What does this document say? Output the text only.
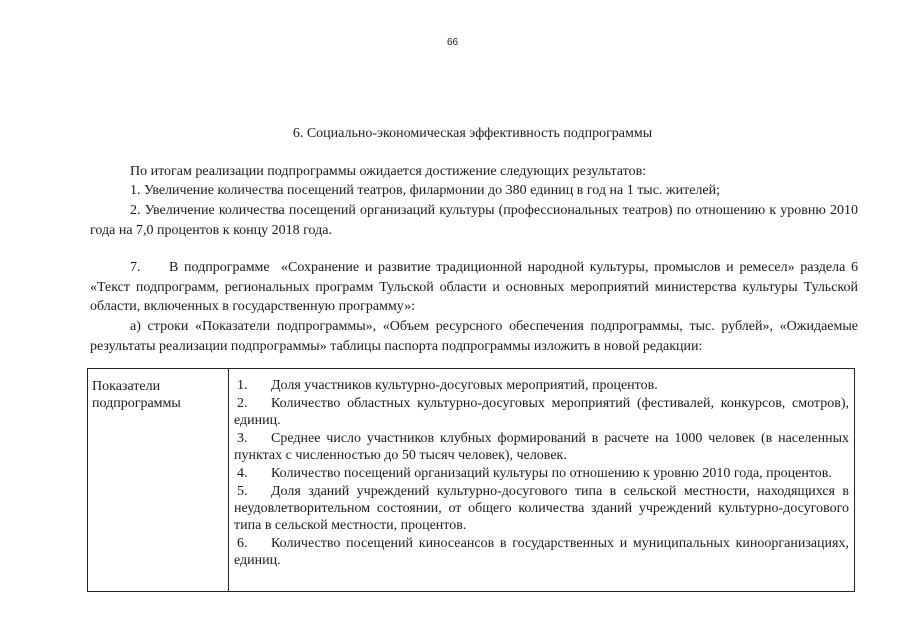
66
6. Социально-экономическая эффективность подпрограммы

По итогам реализации подпрограммы ожидается достижение следующих результатов:

1. Увеличение количества посещений театров, филармонии до 380 единиц в год на 1 тыс. жителей;

2. Увеличение количества посещений организаций культуры (профессиональных театров) по отношению к уровню 2010 года на 7,0 процентов к концу 2018 года.

7.     В подпрограмме  «Сохранение и развитие традиционной народной культуры, промыслов и ремесел» раздела 6 «Текст подпрограмм, региональных программ Тульской области и основных мероприятий министерства культуры Тульской области, включенных в государственную программу»:

а) строки «Показатели подпрограммы», «Объем ресурсного обеспечения подпрограммы, тыс. рублей», «Ожидаемые результаты реализации подпрограммы» таблицы паспорта подпрограммы изложить в новой редакции:

Показатели подпрограммы

1. Доля участников культурно-досуговых мероприятий, процентов.

2. Количество областных культурно-досуговых мероприятий (фестивалей, конкурсов, смотров), единиц.

3. Среднее число участников клубных формирований в расчете на 1000 человек (в населенных пунктах с численностью до 50 тысяч человек), человек.

4. Количество посещений организаций культуры по отношению к уровню 2010 года, процентов.

5. Доля зданий учреждений культурно-досугового типа в сельской местности, находящихся в неудовлетворительном состоянии, от общего количества зданий учреждений культурно-досугового типа в сельской местности, процентов.

6. Количество посещений киносеансов в государственных и муниципальных кинoорганизациях, единиц.
